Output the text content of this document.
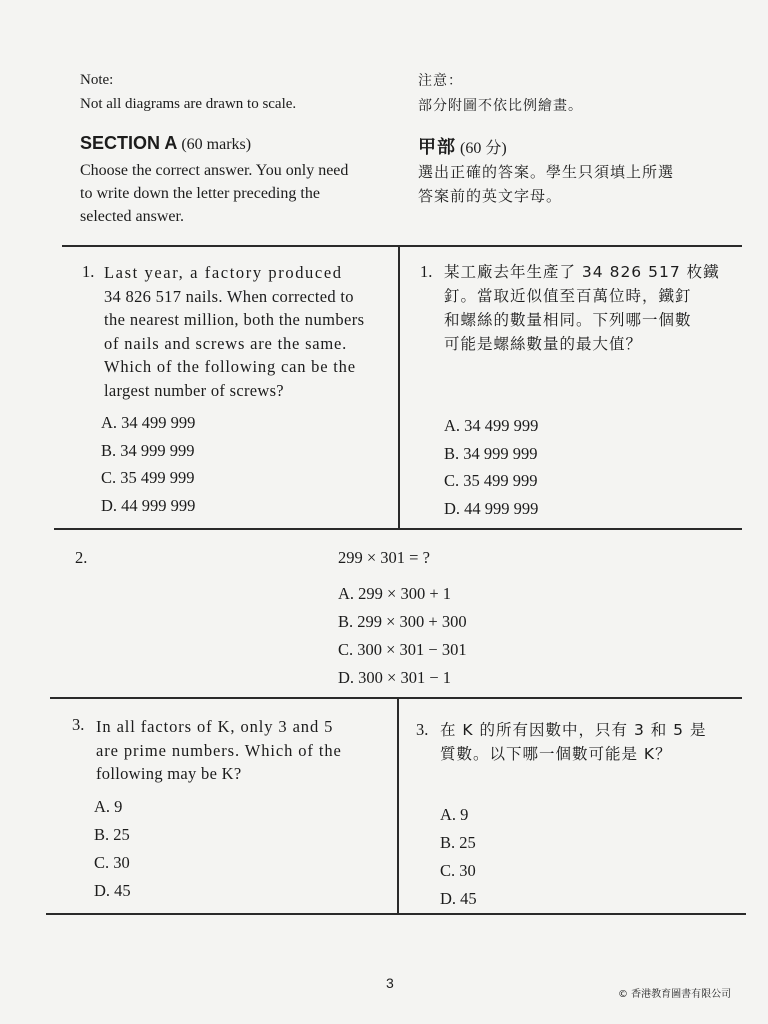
Note:
Not all diagrams are drawn to scale.
注意：
部分附圖不依比例繪畫。
SECTION A (60 marks)
Choose the correct answer. You only need
to write down the letter preceding the
selected answer.
甲部 (60 分)
選出正確的答案。學生只須填上所選
答案前的英文字母。
1. Last year, a factory produced
34 826 517 nails. When corrected to
the nearest million, both the numbers
of nails and screws are the same.
Which of the following can be the
largest number of screws?
A. 34 499 999
B. 34 999 999
C. 35 499 999
D. 44 999 999
1. 某工廠去年生產了 34 826 517 枚鐵
釘。當取近似值至百萬位時，鐵釘
和螺絲的數量相同。下列哪一個數
可能是螺絲數量的最大值？
A. 34 499 999
B. 34 999 999
C. 35 499 999
D. 44 999 999
2.	299 × 301 = ?
A. 299 × 300 + 1
B. 299 × 300 + 300
C. 300 × 301 − 301
D. 300 × 301 − 1
3. In all factors of K, only 3 and 5
are prime numbers. Which of the
following may be K?
A. 9
B. 25
C. 30
D. 45
3. 在 K 的所有因數中，只有 3 和 5 是
質數。以下哪一個數可能是 K？
A. 9
B. 25
C. 30
D. 45
3
© 香港教育圖書有限公司
